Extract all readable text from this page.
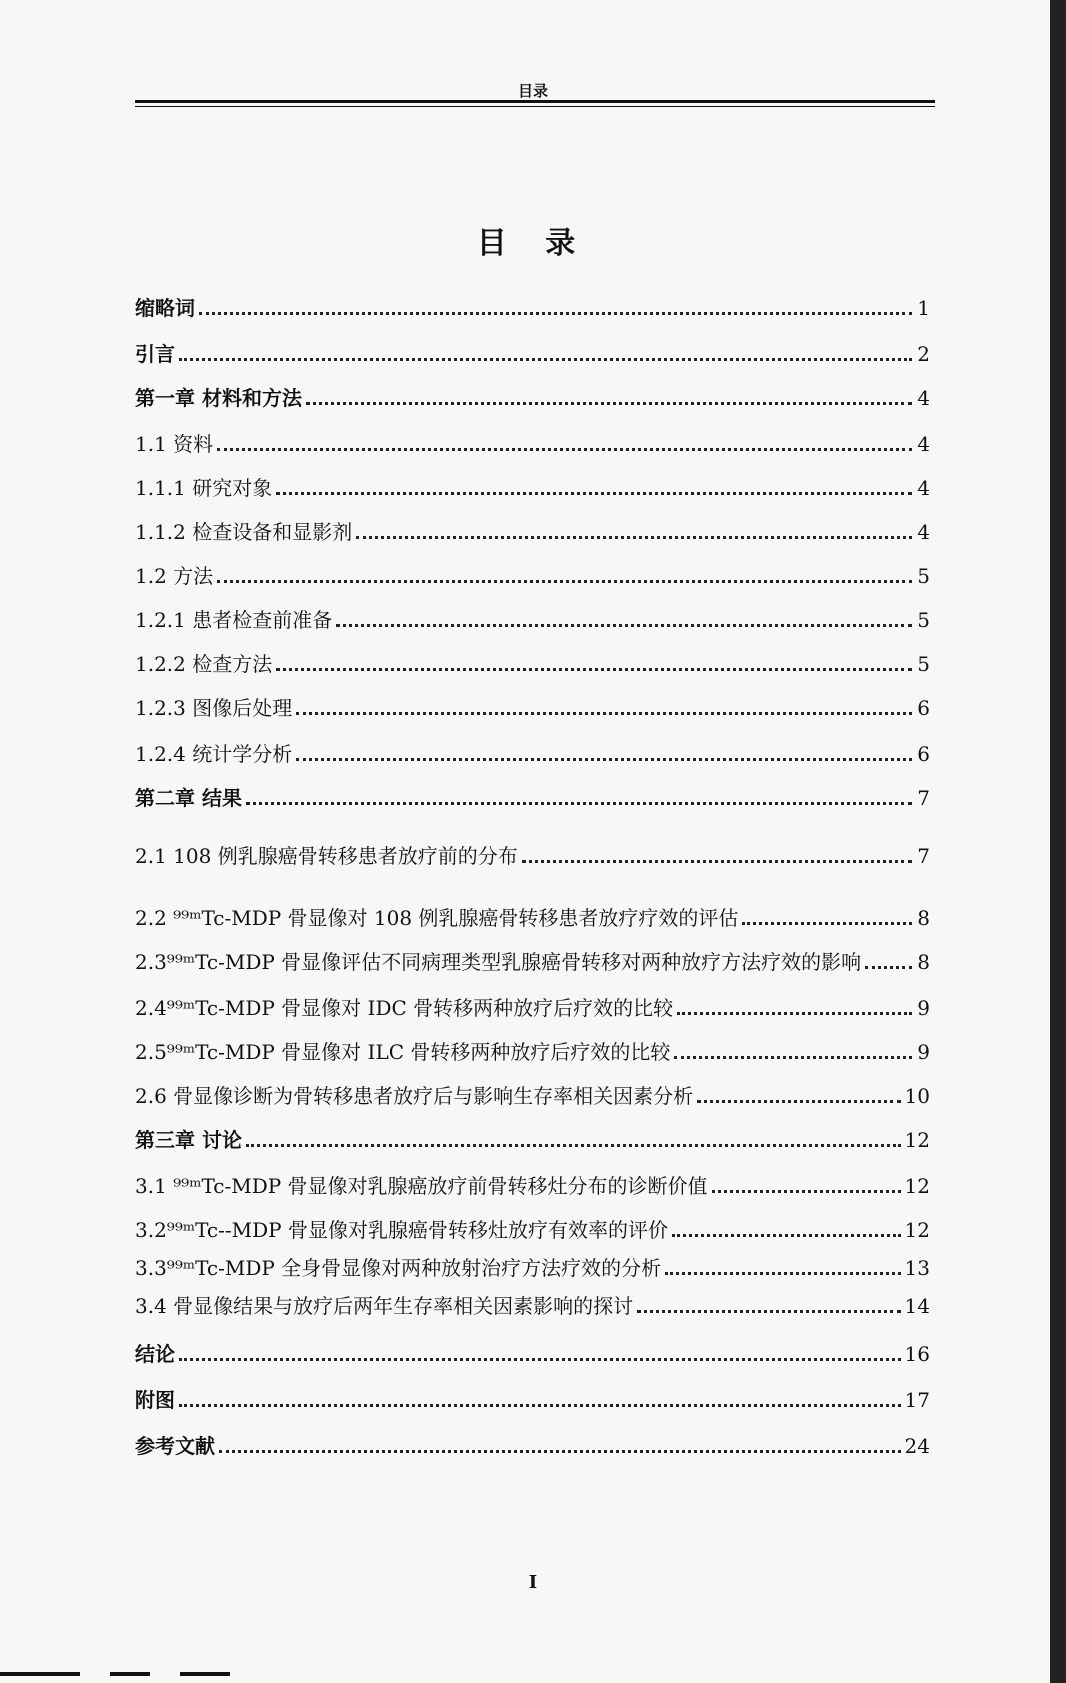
目录
目 录
缩略词	1
引言	2
第一章 材料和方法	4
1.1 资料	4
1.1.1 研究对象	4
1.1.2 检查设备和显影剂	4
1.2 方法	5
1.2.1 患者检查前准备	5
1.2.2 检查方法	5
1.2.3 图像后处理	6
1.2.4 统计学分析	6
第二章 结果	7
2.1 108 例乳腺癌骨转移患者放疗前的分布	7
2.2 ⁹⁹ᵐTc-MDP 骨显像对 108 例乳腺癌骨转移患者放疗疗效的评估	8
2.3⁹⁹ᵐTc-MDP 骨显像评估不同病理类型乳腺癌骨转移对两种放疗方法疗效的影响	8
2.4⁹⁹ᵐTc-MDP 骨显像对 IDC 骨转移两种放疗后疗效的比较	9
2.5⁹⁹ᵐTc-MDP 骨显像对 ILC 骨转移两种放疗后疗效的比较	9
2.6 骨显像诊断为骨转移患者放疗后与影响生存率相关因素分析	10
第三章 讨论	12
3.1 ⁹⁹ᵐTc-MDP 骨显像对乳腺癌放疗前骨转移灶分布的诊断价值	12
3.2⁹⁹ᵐTc--MDP 骨显像对乳腺癌骨转移灶放疗有效率的评价	12
3.3⁹⁹ᵐTc-MDP 全身骨显像对两种放射治疗方法疗效的分析	13
3.4 骨显像结果与放疗后两年生存率相关因素影响的探讨	14
结论	16
附图	17
参考文献	24
I
